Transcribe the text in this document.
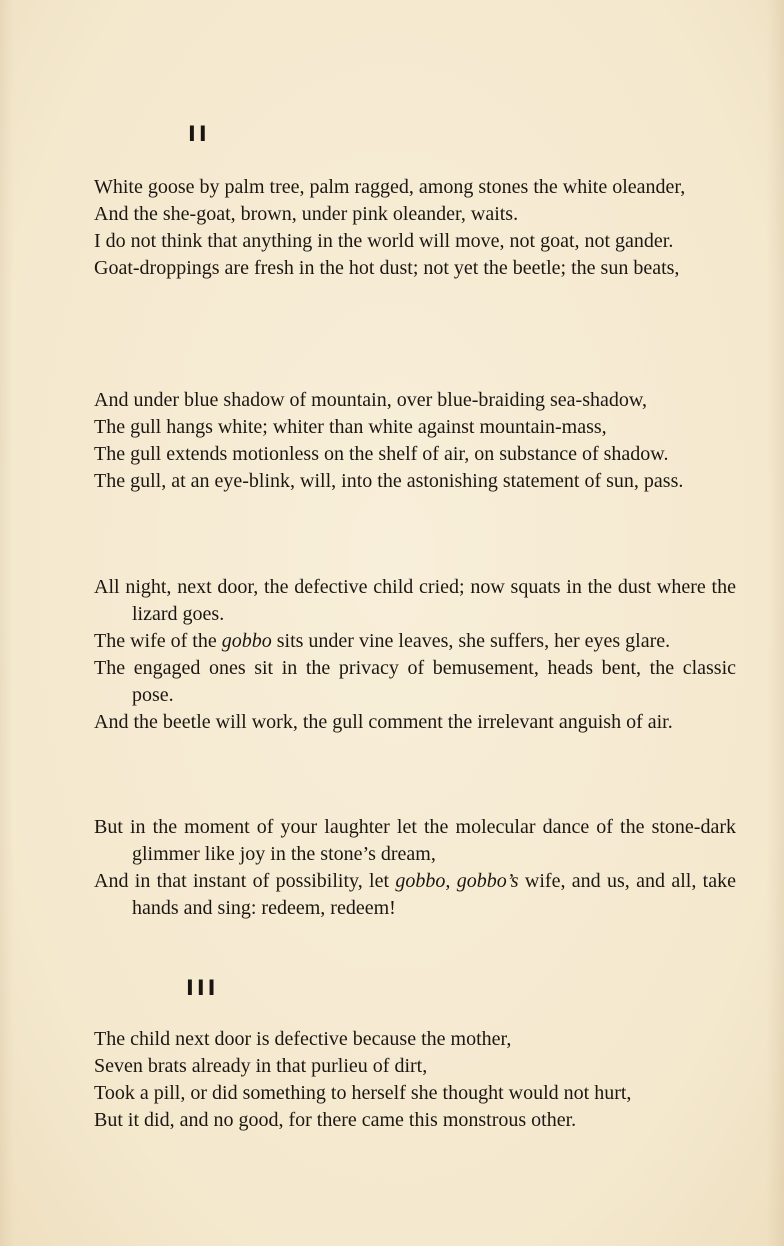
II
White goose by palm tree, palm ragged, among stones the white oleander,
And the she-goat, brown, under pink oleander, waits.
I do not think that anything in the world will move, not goat, not gander.
Goat-droppings are fresh in the hot dust; not yet the beetle; the sun beats,
And under blue shadow of mountain, over blue-braiding sea-shadow,
The gull hangs white; whiter than white against mountain-mass,
The gull extends motionless on the shelf of air, on substance of shadow.
The gull, at an eye-blink, will, into the astonishing statement of sun, pass.
All night, next door, the defective child cried; now squats in the dust where the lizard goes.
The wife of the gobbo sits under vine leaves, she suffers, her eyes glare.
The engaged ones sit in the privacy of bemusement, heads bent, the classic pose.
And the beetle will work, the gull comment the irrelevant anguish of air.
But in the moment of your laughter let the molecular dance of the stone-dark glimmer like joy in the stone’s dream,
And in that instant of possibility, let gobbo, gobbo’s wife, and us, and all, take hands and sing: redeem, redeem!
III
The child next door is defective because the mother,
Seven brats already in that purlieu of dirt,
Took a pill, or did something to herself she thought would not hurt,
But it did, and no good, for there came this monstrous other.
